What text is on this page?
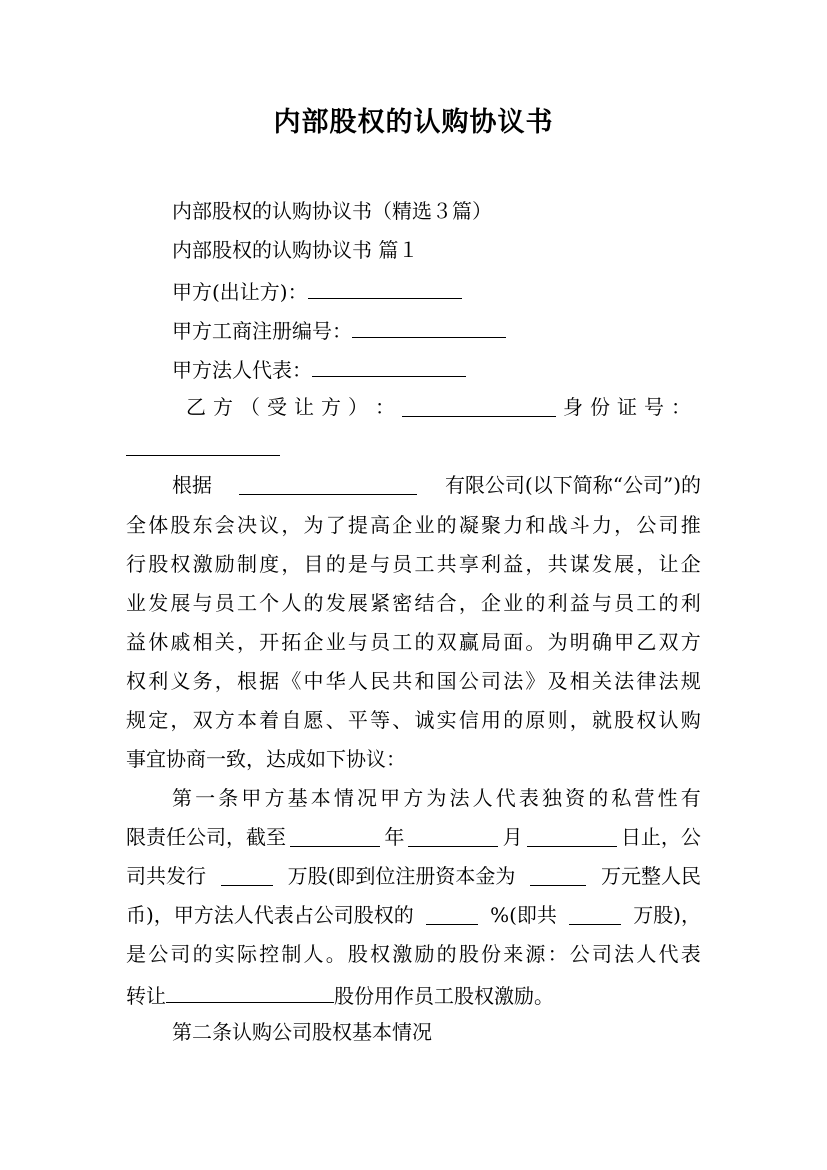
内部股权的认购协议书
内部股权的认购协议书（精选３篇）
内部股权的认购协议书 篇１
甲方(出让方)：
甲方工商注册编号：
甲方法人代表：
乙 方 （ 受 让 方 ） ：	身 份 证 号 ：
根据	有限公司(以下简称“公司”)的
全 体 股 东 会 决 议 ， 为 了 提 高 企 业 的 凝 聚 力 和 战 斗 力 ， 公 司 推
行 股 权 激 励 制 度 ， 目 的 是 与 员 工 共 享 利 益 ， 共 谋 发 展 ， 让 企
业 发 展 与 员 工 个 人 的 发 展 紧 密 结 合 ， 企 业 的 利 益 与 员 工 的 利
益 休 戚 相 关 ， 开 拓 企 业 与 员 工 的 双 赢 局 面 。 为 明 确 甲 乙 双 方
权 利 义 务 ， 根 据 《 中 华 人 民 共 和 国 公 司 法 》 及 相 关 法 律 法 规
规 定 ， 双 方 本 着 自 愿 、 平 等 、 诚 实 信 用 的 原 则 ， 就 股 权 认 购
事宜协商一致，达成如下协议：
第 一 条 甲 方 基 本 情 况 甲 方 为 法 人 代 表 独 资 的 私 营 性 有
限责任公司，截至	年	月	日止，公
司共发行	万股(即到位注册资本金为	万元整人民
币)，甲方法人代表占公司股权的	%(即共	万股)，
是 公 司 的 实 际 控 制 人 。 股 权 激 励 的 股 份 来 源 ： 公 司 法 人 代 表
转让	股份用作员工股权激励。
第二条认购公司股权基本情况
